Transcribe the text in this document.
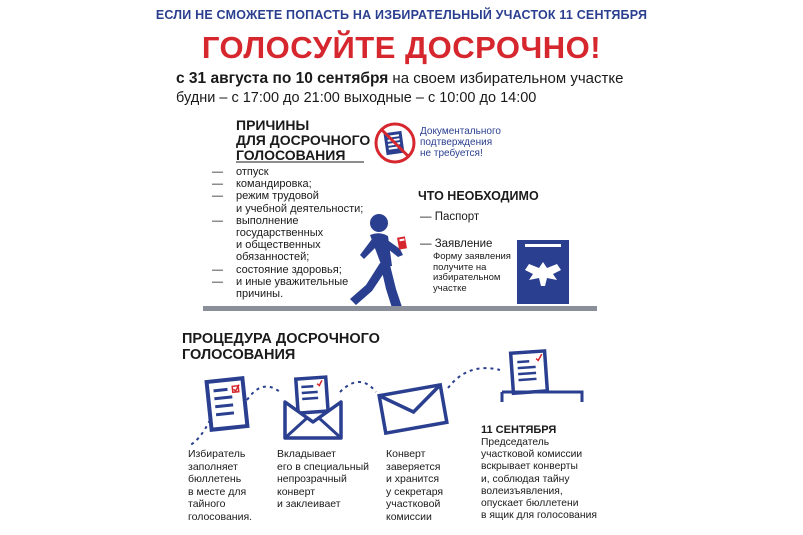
ЕСЛИ НЕ СМОЖЕТЕ ПОПАСТЬ НА ИЗБИРАТЕЛЬНЫЙ УЧАСТОК 11 СЕНТЯБРЯ
ГОЛОСУЙТЕ ДОСРОЧНО!
с 31 августа по 10 сентября на своем избирательном участке
будни – с 17:00 до 21:00 выходные – с 10:00 до 14:00
ПРИЧИНЫ
ДЛЯ ДОСРОЧНОГО
ГОЛОСОВАНИЯ
— отпуск
— командировка;
— режим трудовой
и учебной деятельности;
— выполнение
государственных
и общественных
обязанностей;
— состояние здоровья;
— и иные уважительные
причины.
Документального
подтверждения
не требуется!
ЧТО НЕОБХОДИМО
— Паспорт
— Заявление
Форму заявления
получите на
избирательном
участке
ПРОЦЕДУРА ДОСРОЧНОГО
ГОЛОСОВАНИЯ
Избиратель
заполняет
бюллетень
в месте для
тайного
голосования.
Вкладывает
его в специальный
непрозрачный
конверт
и заклеивает
Конверт
заверяется
и хранится
у секретаря
участковой
комиссии
11 СЕНТЯБРЯ
Председатель
участковой комиссии
вскрывает конверты
и, соблюдая тайну
волеизъявления,
опускает бюллетени
в ящик для голосования
